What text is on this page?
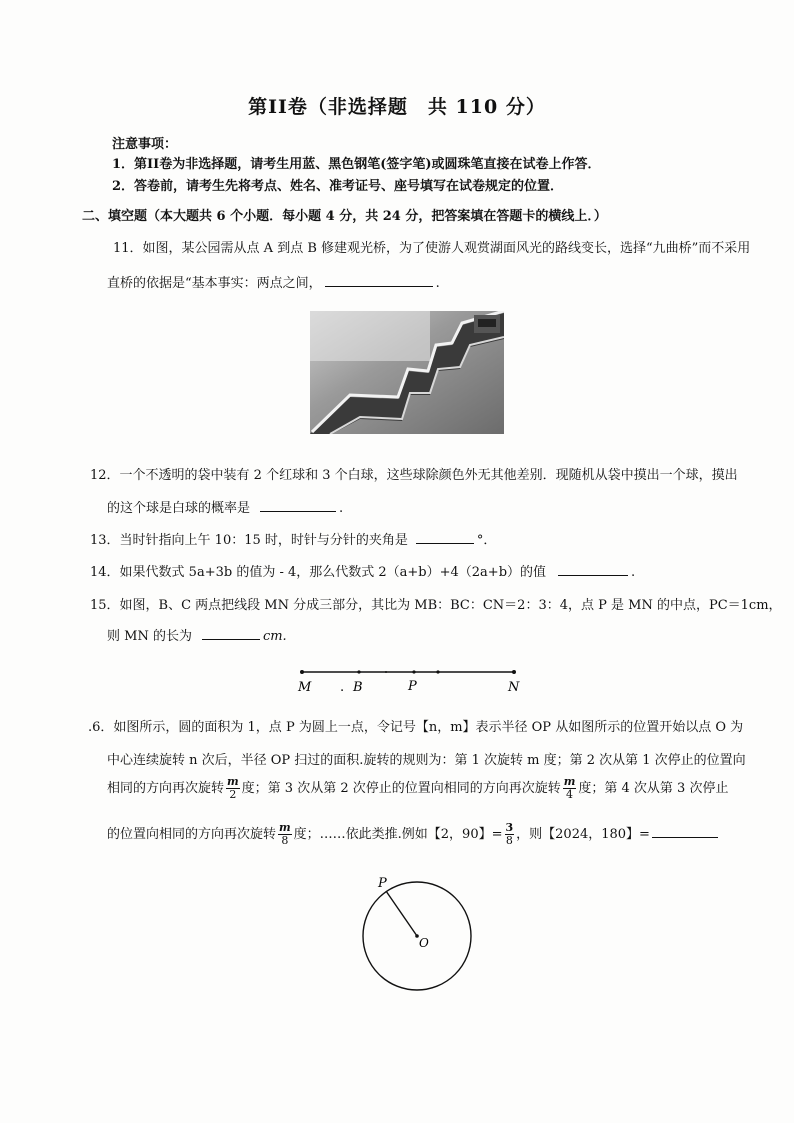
第II卷（非选择题　共 110 分）
注意事项：
1．第II卷为非选择题，请考生用蓝、黑色钢笔(签字笔)或圆珠笔直接在试卷上作答．
2．答卷前，请考生先将考点、姓名、准考证号、座号填写在试卷规定的位置．
二、填空题（本大题共 6 个小题．每小题 4 分，共 24 分，把答案填在答题卡的横线上．）
11．如图，某公园需从点 A 到点 B 修建观光桥，为了使游人观赏湖面风光的路线变长，选择“九曲桥”而不采用
直桥的依据是“基本事实：两点之间，	.
12．一个不透明的袋中装有 2 个红球和 3 个白球，这些球除颜色外无其他差别．现随机从袋中摸出一个球，摸出
的这个球是白球的概率是	.
13．当时针指向上午 10：15 时，时针与分针的夹角是	°．
14．如果代数式 5a+3b 的值为 - 4，那么代数式 2（a+b）+4（2a+b）的值	.
15．如图，B、C 两点把线段 MN 分成三部分，其比为 MB：BC：CN＝2：3：4，点 P 是 MN 的中点，PC＝1cm，
则 MN 的长为	cm.
M . B	P	N
.6．如图所示，圆的面积为 1，点 P 为圆上一点，令记号【n，m】表示半径 OP 从如图所示的位置开始以点 O 为
中心连续旋转 n 次后，半径 OP 扫过的面积.旋转的规则为：第 1 次旋转 m 度；第 2 次从第 1 次停止的位置向
相同的方向再次旋转 $\frac{m}{2}$ 度；第 3 次从第 2 次停止的位置向相同的方向再次旋转 $\frac{m}{4}$ 度；第 4 次从第 3 次停止
的位置向相同的方向再次旋转 $\frac{m}{8}$ 度；……依此类推.例如【2，90】= $\frac{3}{8}$ ，则【2024，180】=
P
O
